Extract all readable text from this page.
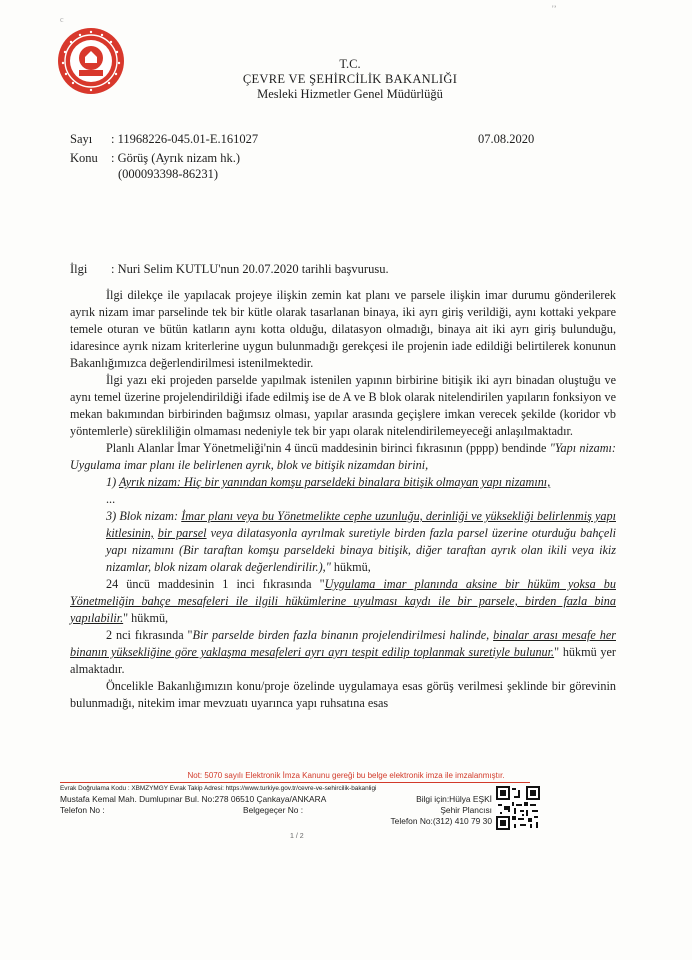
'ʼ
c
T.C.
ÇEVRE VE ŞEHİRCİLİK BAKANLIĞI
Mesleki Hizmetler Genel Müdürlüğü
Sayı : 11968226-045.01-E.161027	07.08.2020
Konu : Görüş (Ayrık nizam hk.)
(000093398-86231)
İlgi : Nuri Selim KUTLU'nun 20.07.2020 tarihli başvurusu.

İlgi dilekçe ile yapılacak projeye ilişkin zemin kat planı ve parsele ilişkin imar durumu gönderilerek ayrık nizam imar parselinde tek bir kütle olarak tasarlanan binaya, iki ayrı giriş verildiği, aynı kottaki yekpare temele oturan ve bütün katların aynı kotta olduğu, dilatasyon olmadığı, binaya ait iki ayrı giriş bulunduğu, idaresince ayrık nizam kriterlerine uygun bulunmadığı gerekçesi ile projenin iade edildiği belirtilerek konunun Bakanlığımızca değerlendirilmesi istenilmektedir.

İlgi yazı eki projeden parselde yapılmak istenilen yapının birbirine bitişik iki ayrı binadan oluştuğu ve aynı temel üzerine projelendirildiği ifade edilmiş ise de A ve B blok olarak nitelendirilen yapıların fonksiyon ve mekan bakımından birbirinden bağımsız olması, yapılar arasında geçişlere imkan verecek şekilde (koridor vb yöntemlerle) sürekliliğin olmaması nedeniyle tek bir yapı olarak nitelendirilemeyeceği anlaşılmaktadır.

Planlı Alanlar İmar Yönetmeliği'nin 4 üncü maddesinin birinci fıkrasının (pppp) bendinde "Yapı nizamı: Uygulama imar planı ile belirlenen ayrık, blok ve bitişik nizamdan birini,

1) Ayrık nizam: Hiç bir yanından komşu parseldeki binalara bitişik olmayan yapı nizamını,

...

3) Blok nizam: İmar planı veya bu Yönetmelikte cephe uzunluğu, derinliği ve yüksekliği belirlenmiş yapı kitlesinin, bir parsel veya dilatasyonla ayrılmak suretiyle birden fazla parsel üzerine oturduğu bahçeli yapı nizamını (Bir taraftan komşu parseldeki binaya bitişik, diğer taraftan ayrık olan ikili veya ikiz nizamlar, blok nizam olarak değerlendirilir.)," hükmü,

24 üncü maddesinin 1 inci fıkrasında "Uygulama imar planında aksine bir hüküm yoksa bu Yönetmeliğin bahçe mesafeleri ile ilgili hükümlerine uyulması kaydı ile bir parsele, birden fazla bina yapılabilir." hükmü,

2 nci fıkrasında "Bir parselde birden fazla binanın projelendirilmesi halinde, binalar arası mesafe her binanın yüksekliğine göre yaklaşma mesafeleri ayrı ayrı tespit edilip toplanmak suretiyle bulunur." hükmü yer almaktadır.

Öncelikle Bakanlığımızın konu/proje özelinde uygulamaya esas görüş verilmesi şeklinde bir görevinin bulunmadığı, nitekim imar mevzuatı uyarınca yapı ruhsatına esas

Not: 5070 sayılı Elektronik İmza Kanunu gereği bu belge elektronik imza ile imzalanmıştır.
Evrak Doğrulama Kodu : XBMZYMGY Evrak Takip Adresi: https://www.turkiye.gov.tr/cevre-ve-sehircilik-bakanligi
Mustafa Kemal Mah. Dumlupınar Bul. No:278 06510 Çankaya/ANKARA
Telefon No :	Belgegeçer No :
Bilgi için:Hülya EŞKİ
Şehir Plancısı
Telefon No:(312) 410 79 30
1 / 2
